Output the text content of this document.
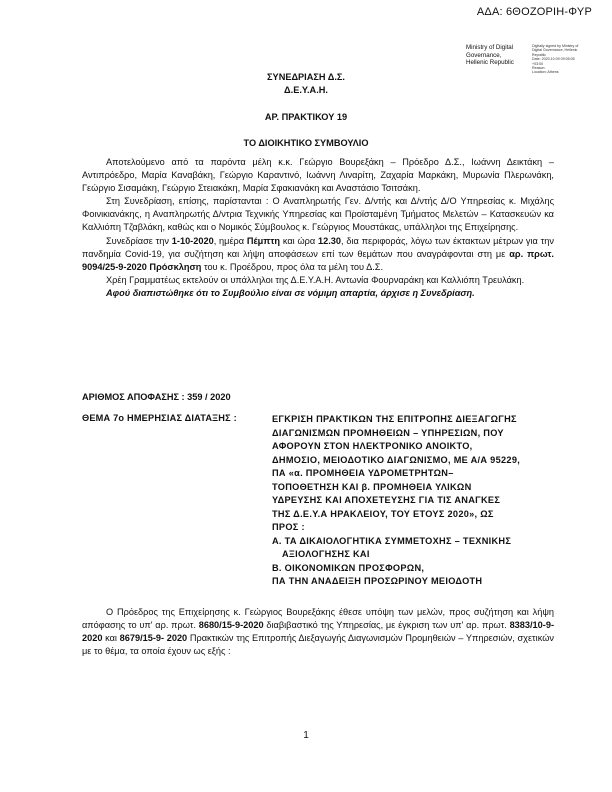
ΑΔΑ: 6ΘΟΖΟΡΙΗ-ΦΥΡ
Ministry of Digital
Governance,
Hellenic Republic
Digitally signed by Ministry of
Digital Governance, Hellenic
Republic
Date: 2020.10.09 09:05:05
+03:00
Reason:
Location: Athens
ΣΥΝΕΔΡΙΑΣΗ Δ.Σ.
Δ.Ε.Υ.Α.Η.
ΑΡ. ΠΡΑΚΤΙΚΟΥ 19
ΤΟ ΔΙΟΙΚΗΤΙΚΟ ΣΥΜΒΟΥΛΙΟ

Αποτελούμενο από τα παρόντα μέλη κ.κ. Γεώργιο Βουρεξάκη – Πρόεδρο Δ.Σ., Ιωάννη Δεικτάκη – Αντιπρόεδρο, Μαρία Καναβάκη, Γεώργιο Καραντινό, Ιωάννη Λιναρίτη, Ζαχαρία Μαρκάκη, Μυρωνία Πλερωνάκη, Γεώργιο Σισαμάκη, Γεώργιο Στειακάκη, Μαρία Σφακιανάκη και Αναστάσιο Τσιτσάκη.

Στη Συνεδρίαση, επίσης, παρίστανται : Ο Αναπληρωτής Γεν. Δ/ντής και Δ/ντής Δ/Ο Υπηρεσίας κ. Μιχάλης Φοινικιανάκης, η Αναπληρωτής Δ/ντρια Τεχνικής Υπηρεσίας και Προϊσταμένη Τμήματος Μελετών – Κατασκευών κα Καλλιόπη Τζαβλάκη, καθώς και ο Νομικός Σύμβουλος κ. Γεώργιος Μουστάκας, υπάλληλοι της Επιχείρησης.

Συνεδρίασε την 1-10-2020, ημέρα Πέμπτη και ώρα 12.30, δια περιφοράς, λόγω των έκτακτων μέτρων για την πανδημία Covid-19, για συζήτηση και λήψη αποφάσεων επί των θεμάτων που αναγράφονται στη με αρ. πρωτ. 9094/25-9-2020 Πρόσκληση του κ. Προέδρου, προς όλα τα μέλη του Δ.Σ.

Χρέη Γραμματέως εκτελούν οι υπάλληλοι της Δ.Ε.Υ.Α.Η. Αντωνία Φουρναράκη και Καλλιόπη Τρευλάκη.

Αφού διαπιστώθηκε ότι το Συμβούλιο είναι σε νόμιμη απαρτία, άρχισε η Συνεδρίαση.

ΑΡΙΘΜΟΣ ΑΠΟΦΑΣΗΣ : 359 / 2020
ΘΕΜΑ 7ο ΗΜΕΡΗΣΙΑΣ ΔΙΑΤΑΞΗΣ :	ΕΓΚΡΙΣΗ ΠΡΑΚΤΙΚΩΝ ΤΗΣ ΕΠΙΤΡΟΠΗΣ ΔΙΕΞΑΓΩΓΗΣ
ΔΙΑΓΩΝΙΣΜΩΝ ΠΡΟΜΗΘΕΙΩΝ – ΥΠΗΡΕΣΙΩΝ, ΠΟΥ
ΑΦΟΡΟΥΝ ΣΤΟΝ ΗΛΕΚΤΡΟΝΙΚΟ ΑΝΟΙΚΤΟ,
ΔΗΜΟΣΙΟ, ΜΕΙΟΔΟΤΙΚΟ ΔΙΑΓΩΝΙΣΜΟ, ΜΕ Α/Α 95229,
ΠΑ «α. ΠΡΟΜΗΘΕΙΑ ΥΔΡΟΜΕΤΡΗΤΩΝ–
ΤΟΠΟΘΕΤΗΣΗ ΚΑΙ β. ΠΡΟΜΗΘΕΙΑ ΥΛΙΚΩΝ
ΥΔΡΕΥΣΗΣ ΚΑΙ ΑΠΟΧΕΤΕΥΣΗΣ ΓΙΑ ΤΙΣ ΑΝΑΓΚΕΣ
ΤΗΣ Δ.Ε.Υ.Α ΗΡΑΚΛΕΙΟΥ, ΤΟΥ ΕΤΟΥΣ 2020», ΩΣ
ΠΡΟΣ :
Α. ΤΑ ΔΙΚΑΙΟΛΟΓΗΤΙΚΑ ΣΥΜΜΕΤΟΧΗΣ – ΤΕΧΝΙΚΗΣ
ΑΞΙΟΛΟΓΗΣΗΣ ΚΑΙ
Β. ΟΙΚΟΝΟΜΙΚΩΝ ΠΡΟΣΦΟΡΩΝ,
ΠΑ ΤΗΝ ΑΝΑΔΕΙΞΗ ΠΡΟΣΩΡΙΝΟΥ ΜΕΙΟΔΟΤΗ

Ο Πρόεδρος της Επιχείρησης κ. Γεώργιος Βουρεξάκης έθεσε υπόψη των μελών, προς συζήτηση και λήψη απόφασης το υπ' αρ. πρωτ. 8680/15-9-2020 διαβιβαστικό της Υπηρεσίας, με έγκριση των υπ' αρ. πρωτ. 8383/10-9-2020 και 8679/15-9- 2020 Πρακτικών της Επιτροπής Διεξαγωγής Διαγωνισμών Προμηθειών – Υπηρεσιών, σχετικών με το θέμα, τα οποία έχουν ως εξής :

1
